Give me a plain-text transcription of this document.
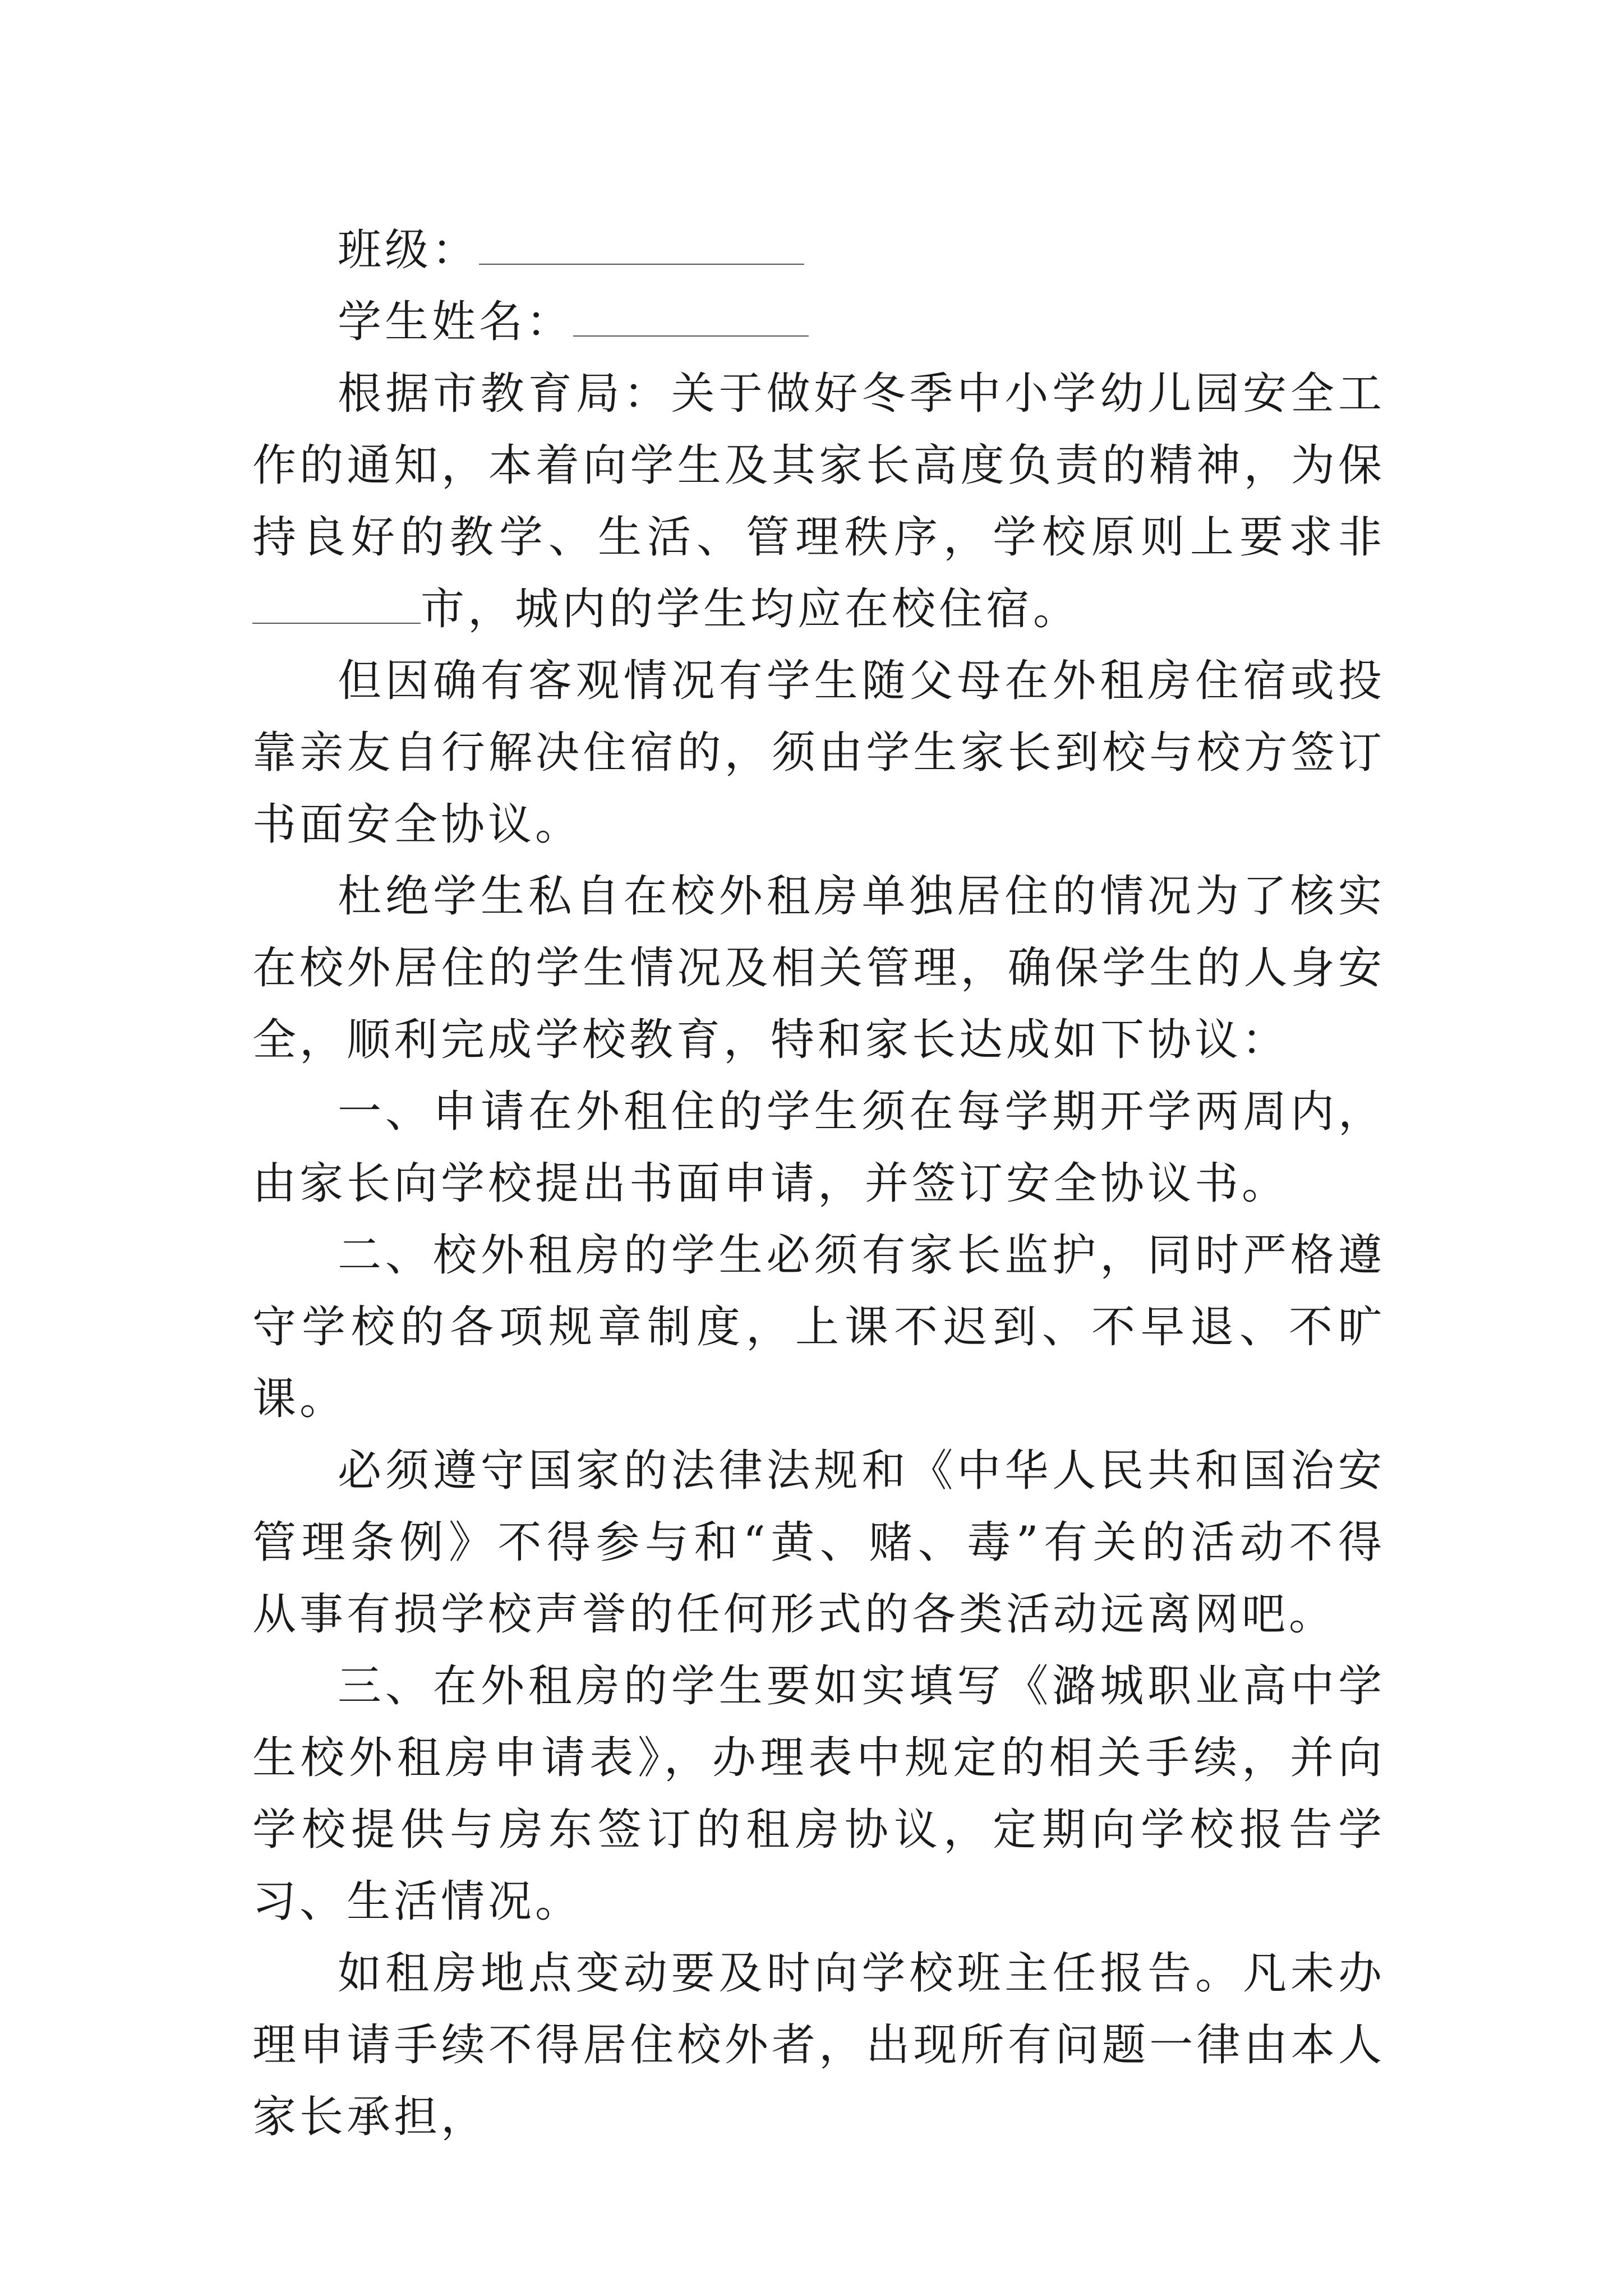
班级：
学生姓名：

根据市教育局：关于做好冬季中小学幼儿园安全工作的通知，本着向学生及其家长高度负责的精神，为保持良好的教学、生活、管理秩序，学校原则上要求非市，城内的学生均应在校住宿。

但因确有客观情况有学生随父母在外租房住宿或投靠亲友自行解决住宿的，须由学生家长到校与校方签订书面安全协议。

杜绝学生私自在校外租房单独居住的情况为了核实在校外居住的学生情况及相关管理，确保学生的人身安全，顺利完成学校教育，特和家长达成如下协议：

一、申请在外租住的学生须在每学期开学两周内，由家长向学校提出书面申请，并签订安全协议书。

二、校外租房的学生必须有家长监护，同时严格遵守学校的各项规章制度，上课不迟到、不早退、不旷课。

必须遵守国家的法律法规和《中华人民共和国治安管理条例》不得参与和“黄、赌、毒”有关的活动不得从事有损学校声誉的任何形式的各类活动远离网吧。

三、在外租房的学生要如实填写《潞城职业高中学生校外租房申请表》，办理表中规定的相关手续，并向学校提供与房东签订的租房协议，定期向学校报告学习、生活情况。

如租房地点变动要及时向学校班主任报告。凡未办理申请手续不得居住校外者，出现所有问题一律由本人家长承担，
